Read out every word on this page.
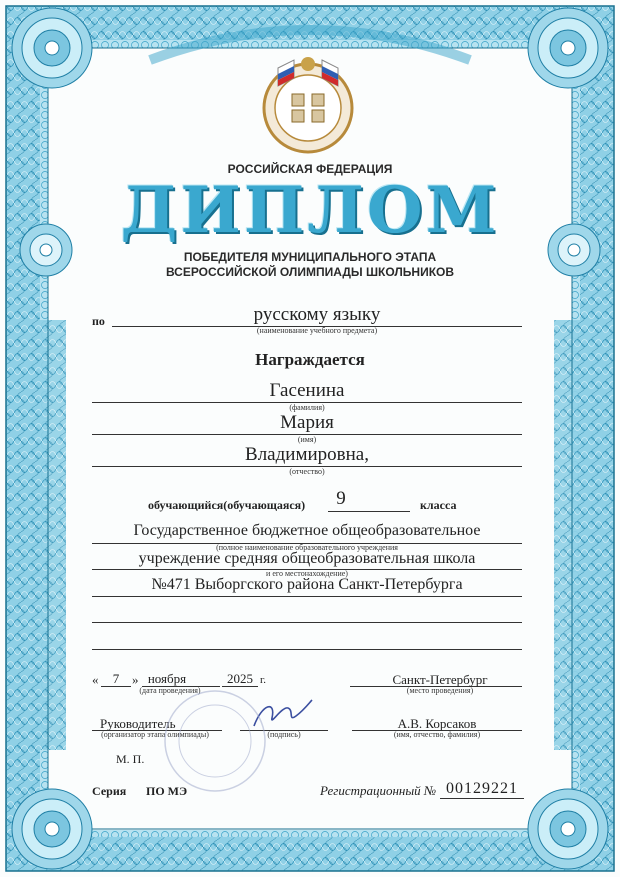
РОССИЙСКАЯ ФЕДЕРАЦИЯ
ДИПЛОМ
ПОБЕДИТЕЛЯ МУНИЦИПАЛЬНОГО ЭТАПА
ВСЕРОССИЙСКОЙ ОЛИМПИАДЫ ШКОЛЬНИКОВ
по	русскому языку
(наименование учебного предмета)
Награждается
Гасенина
(фамилия)
Мария
(имя)
Владимировна,
(отчество)
обучающийся(обучающаяся)	9	класса
Государственное бюджетное общеобразовательное
(полное наименование образовательного учреждения
учреждение средняя общеобразовательная школа
и его местонахождение)
№471 Выборгского района Санкт-Петербурга
«	7 » ноября	2025 г.
(дата проведения)
Санкт-Петербург
(место проведения)
Руководитель
(организатор этапа олимпиады)	(подпись)
А.В. Корсаков
(имя, отчество, фамилия)
М. П.
Серия ПО МЭ	Регистрационный № 00129221
